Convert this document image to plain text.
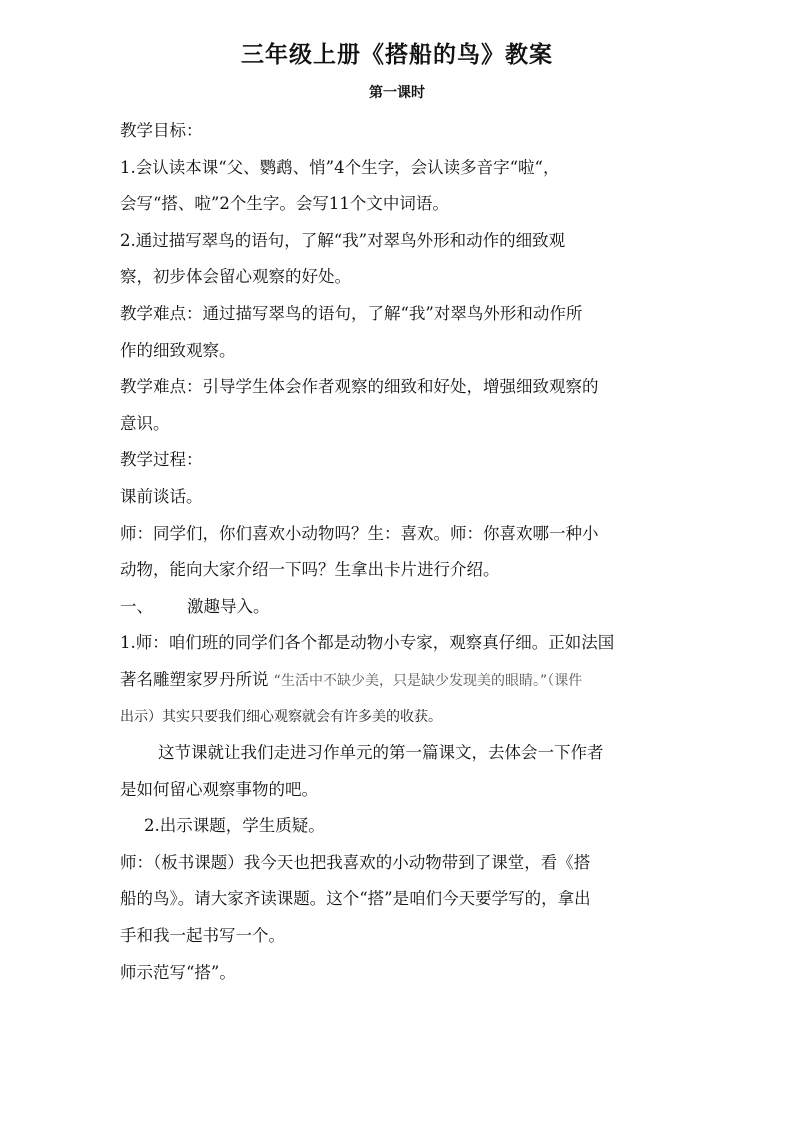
三年级上册《搭船的鸟》教案
第一课时

教学目标：

1.会认读本课“父、鹦鹉、悄”4个生字，会认读多音字“啦“，

会写“搭、啦”2个生字。会写11个文中词语。

2.通过描写翠鸟的语句，了解“我”对翠鸟外形和动作的细致观

察，初步体会留心观察的好处。

教学难点：通过描写翠鸟的语句，了解“我”对翠鸟外形和动作所

作的细致观察。

教学难点：引导学生体会作者观察的细致和好处，增强细致观察的

意识。

教学过程：

课前谈话。

师：同学们，你们喜欢小动物吗？生：喜欢。师：你喜欢哪一种小

动物，能向大家介绍一下吗？生拿出卡片进行介绍。

一、 激趣导入。

1.师：咱们班的同学们各个都是动物小专家，观察真仔细。正如法国

著名雕塑家罗丹所说 “生活中不缺少美，只是缺少发现美的眼睛。”（课件

出示）其实只要我们细心观察就会有许多美的收获。

这节课就让我们走进习作单元的第一篇课文，去体会一下作者

是如何留心观察事物的吧。

2.出示课题，学生质疑。

师：（板书课题）我今天也把我喜欢的小动物带到了课堂，看《搭

船的鸟》。请大家齐读课题。这个“搭”是咱们今天要学写的，拿出

手和我一起书写一个。

师示范写“搭”。
